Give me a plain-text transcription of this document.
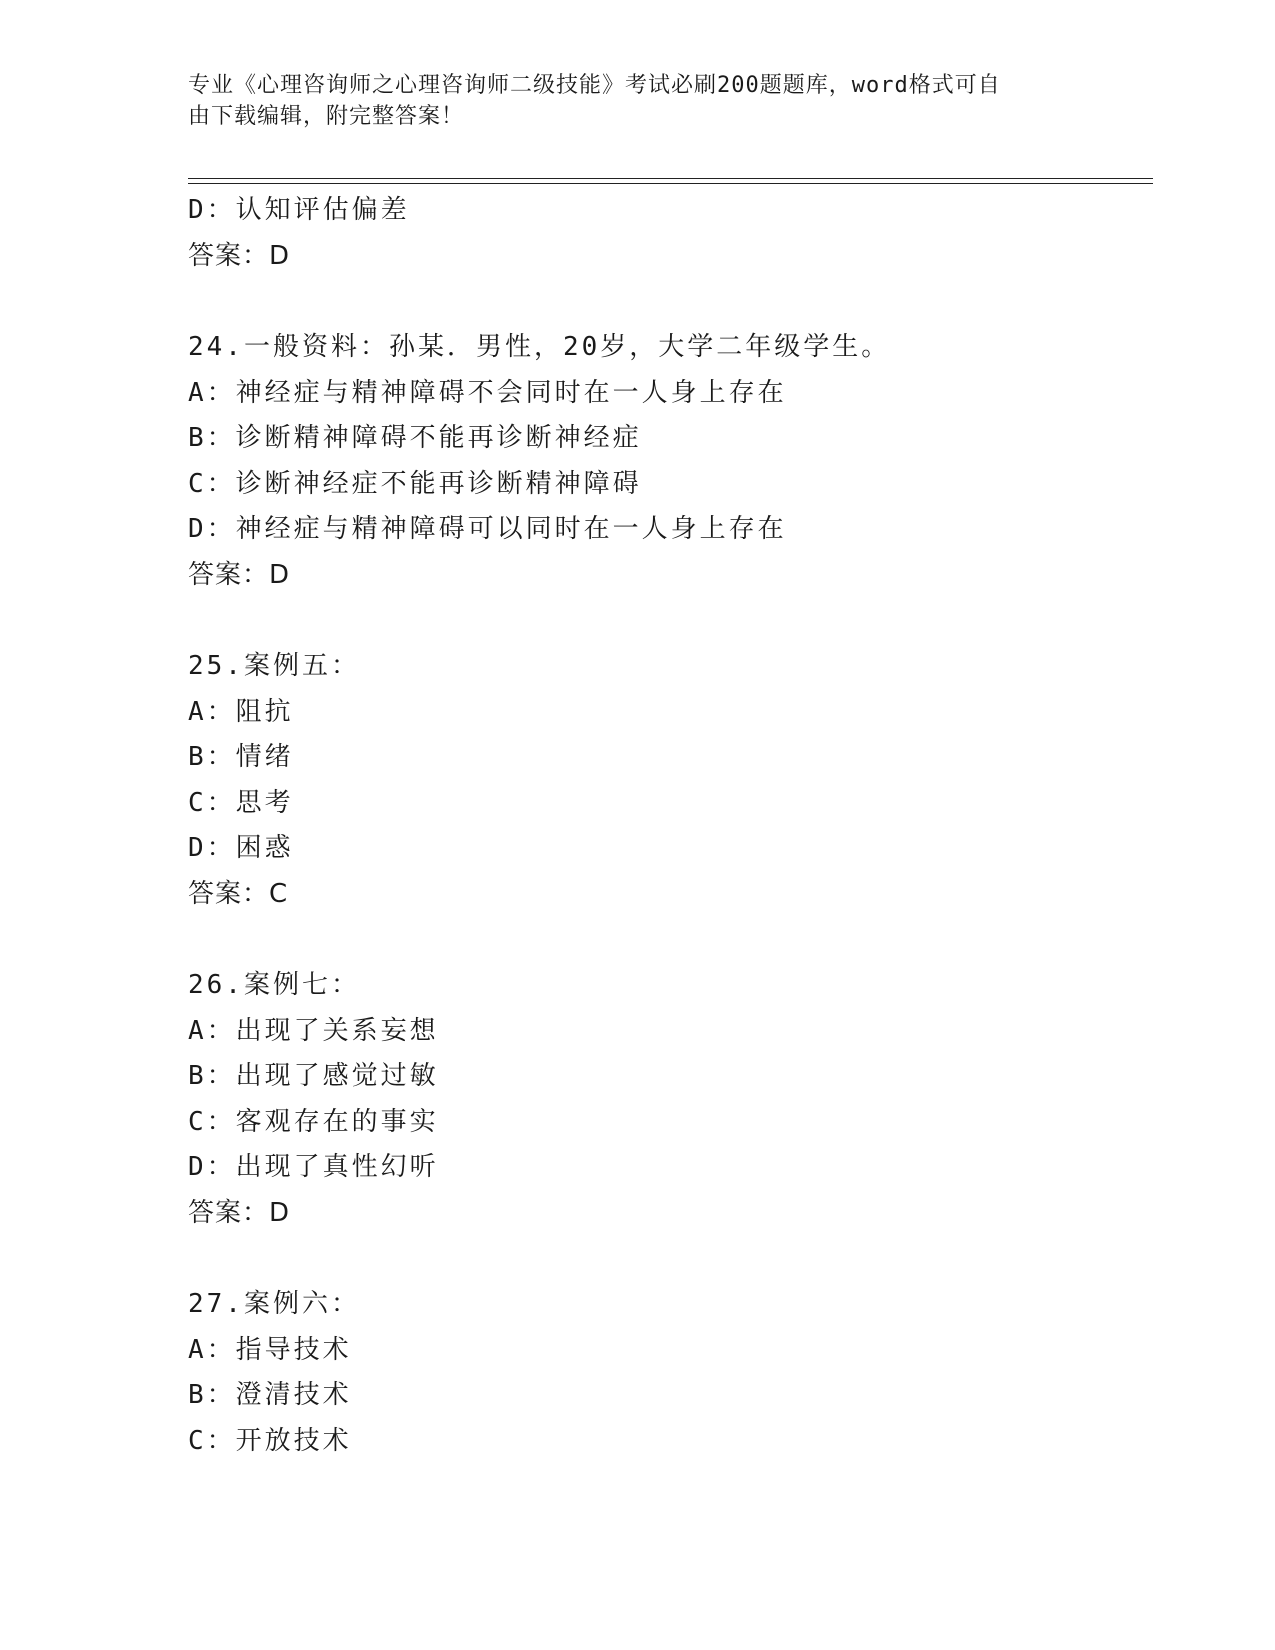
专业《心理咨询师之心理咨询师二级技能》考试必刷200题题库，word格式可自
由下载编辑，附完整答案！
D：认知评估偏差
答案：D
24.一般资料：孙某．男性，20岁，大学二年级学生。
A：神经症与精神障碍不会同时在一人身上存在
B：诊断精神障碍不能再诊断神经症
C：诊断神经症不能再诊断精神障碍
D：神经症与精神障碍可以同时在一人身上存在
答案：D
25.案例五：
A：阻抗
B：情绪
C：思考
D：困惑
答案：C
26.案例七：
A：出现了关系妄想
B：出现了感觉过敏
C：客观存在的事实
D：出现了真性幻听
答案：D
27.案例六：
A：指导技术
B：澄清技术
C：开放技术
